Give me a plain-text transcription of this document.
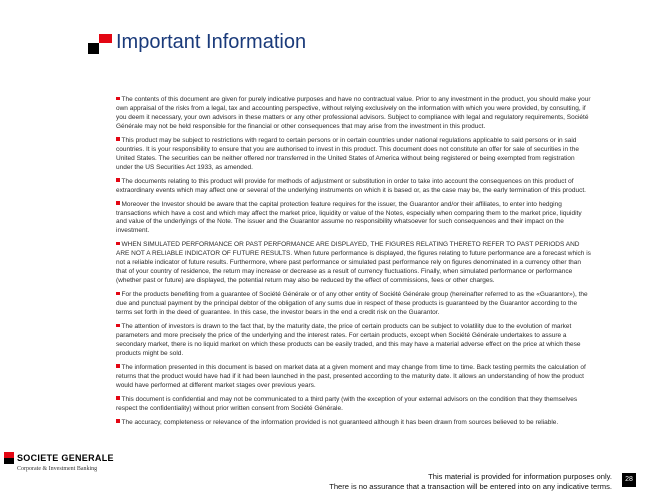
Important Information

The contents of this document are given for purely indicative purposes and have no contractual value. Prior to any investment in the product, you should make your own appraisal of the risks from a legal, tax and accounting perspective, without relying exclusively on the information with which you were provided, by consulting, if you deem it necessary, your own advisors in these matters or any other professional advisors. Subject to compliance with legal and regulatory requirements, Société Générale may not be held responsible for the financial or other consequences that may arise from the investment in this product.

This product may be subject to restrictions with regard to certain persons or in certain countries under national regulations applicable to said persons or in said countries. It is your responsibility to ensure that you are authorised to invest in this product. This document does not constitute an offer for sale of securities in the United States. The securities can be neither offered nor transferred in the United States of America without being registered or being exempted from registration under the US Securities Act 1933, as amended.

The documents relating to this product will provide for methods of adjustment or substitution in order to take into account the consequences on this product of extraordinary events which may affect one or several of the underlying instruments on which it is based or, as the case may be, the early termination of this product.

Moreover the Investor should be aware that the capital protection feature requires for the issuer, the Guarantor and/or their affiliates, to enter into hedging transactions which have a cost and which may affect the market price, liquidity or value of the Notes, especially when comparing them to the market price, liquidity and value of the underlyings of the Note. The issuer and the Guarantor assume no responsibility whatsoever for such consequences and their impact on the investment.

WHEN SIMULATED PERFORMANCE OR PAST PERFORMANCE ARE DISPLAYED, THE FIGURES RELATING THERETO REFER TO PAST PERIODS AND ARE NOT A RELIABLE INDICATOR OF FUTURE RESULTS. When future performance is displayed, the figures relating to future performance are a forecast which is not a reliable indicator of future results. Furthermore, where past performance or simulated past performance rely on figures denominated in a currency other than that of your country of residence, the return may increase or decrease as a result of currency fluctuations. Finally, when simulated performance or performance (whether past or future) are displayed, the potential return may also be reduced by the effect of commissions, fees or other charges.

For the products benefiting from a guarantee of Société Générale or of any other entity of Société Générale group (hereinafter referred to as the «Guarantor»), the due and punctual payment by the principal debtor of the obligation of any sums due in respect of these products is guaranteed by the Guarantor according to the terms set forth in the deed of guarantee. In this case, the investor bears in the end a credit risk on the Guarantor.

The attention of investors is drawn to the fact that, by the maturity date, the price of certain products can be subject to volatility due to the evolution of market parameters and more precisely the price of the underlying and the interest rates. For certain products, except when Société Générale undertakes to assure a secondary market, there is no liquid market on which these products can be easily traded, and this may have a material adverse effect on the price at which these products might be sold.

The information presented in this document is based on market data at a given moment and may change from time to time. Back testing permits the calculation of returns that the product would have had if it had been launched in the past, presented according to the maturity date. It allows an understanding of how the product would have performed at different market stages over previous years.

This document is confidential and may not be communicated to a third party (with the exception of your external advisors on the condition that they themselves respect the confidentiality) without prior written consent from Société Générale.

The accuracy, completeness or relevance of the information provided is not guaranteed although it has been drawn from sources believed to be reliable.

SOCIETE GENERALE
Corporate & Investment Banking
This material is provided for information purposes only.
There is no assurance that a transaction will be entered into on any indicative terms.
28
